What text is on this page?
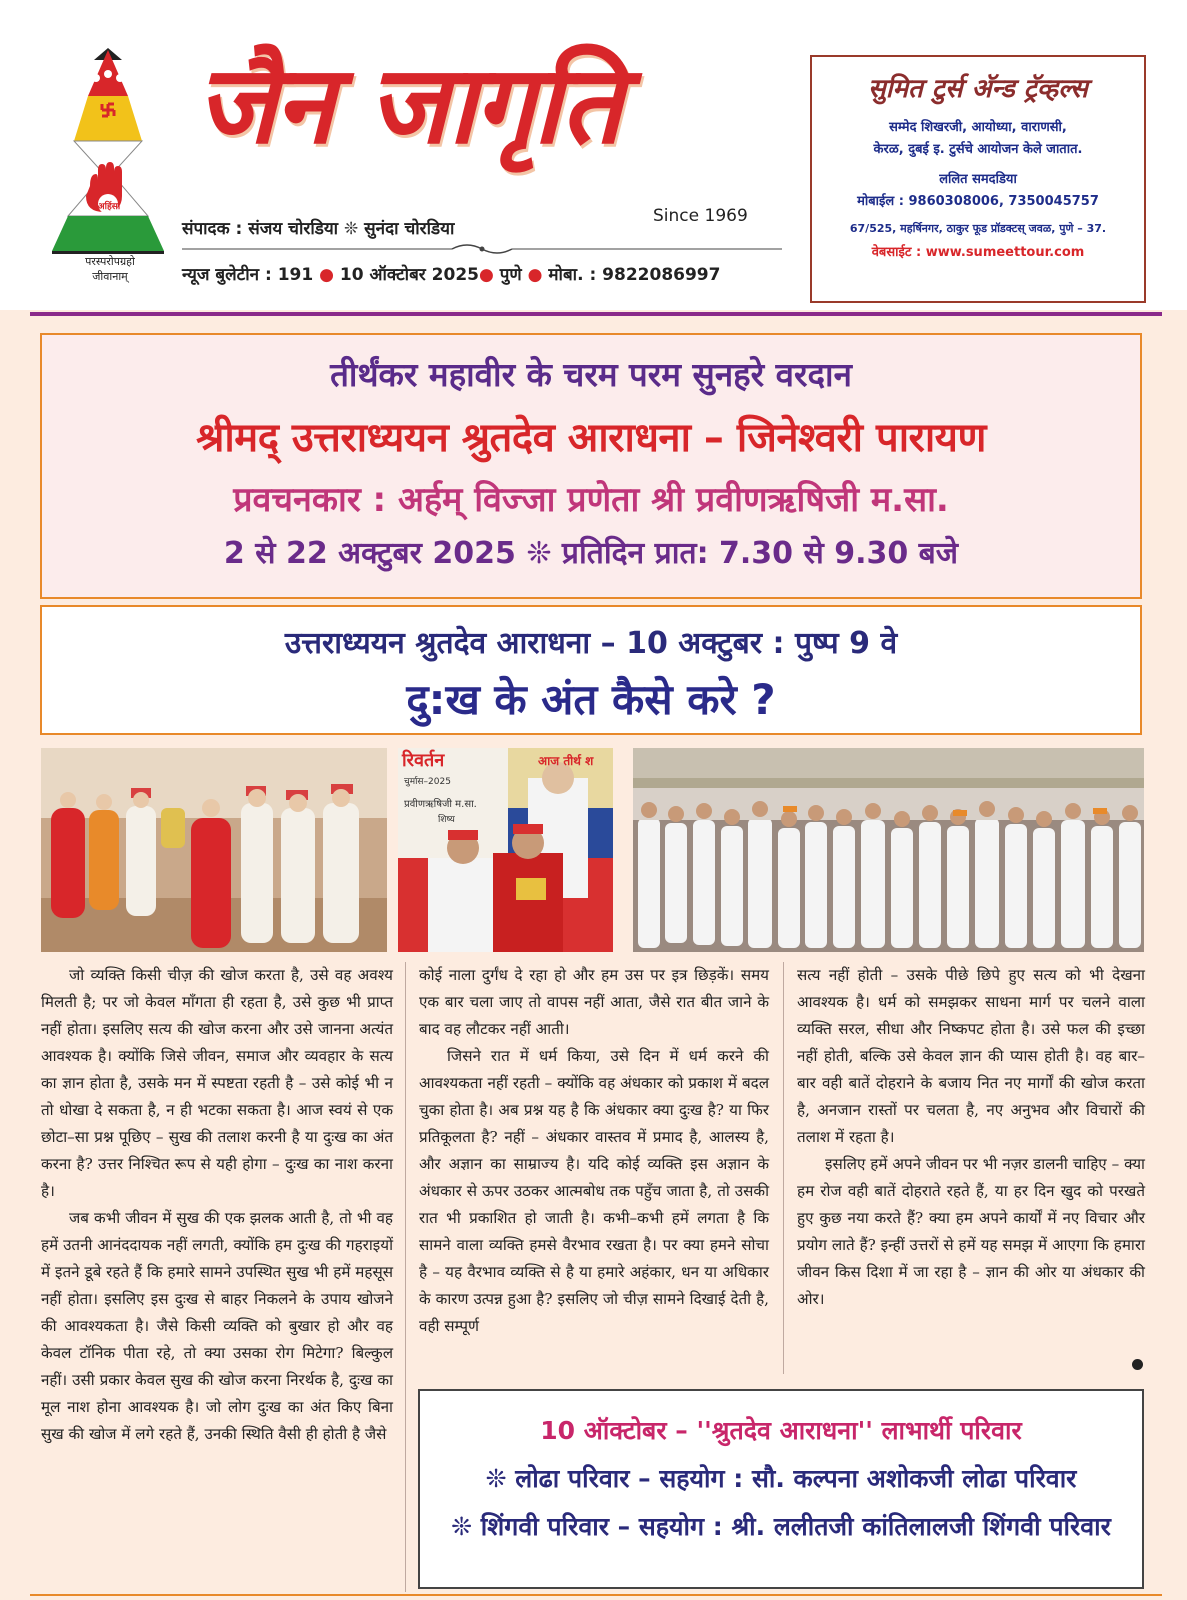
अहिंसा
परस्परोपग्रहो
जीवानाम्
जैन जागृति
Since 1969
संपादक : संजय चोरडिया ❊ सुनंदा चोरडिया
न्यूज बुलेटीन : 191 ● 10 ऑक्टोबर 2025● पुणे ● मोबा. : 9822086997
सुमित टुर्स अ‍ॅन्ड ट्रॅव्हल्स
सम्मेद शिखरजी, आयोध्या, वाराणसी,
केरळ, दुबई इ. टुर्सचे आयोजन केले जातात.
ललित समदडिया
मोबाईल : 9860308006, 7350045757
67/525, महर्षिनगर, ठाकुर फूड प्रॉडक्टस् जवळ, पुणे – 37.
वेबसाईट : www.sumeettour.com
तीर्थंकर महावीर के चरम परम सुनहरे वरदान
श्रीमद् उत्तराध्ययन श्रुतदेव आराधना – जिनेश्वरी पारायण
प्रवचनकार : अर्हम् विज्जा प्रणेता श्री प्रवीणऋषिजी म.सा.
2 से 22 अक्टुबर 2025 ❊ प्रतिदिन प्रात: 7.30 से 9.30 बजे
उत्तराध्ययन श्रुतदेव आराधना – 10 अक्टुबर : पुष्प 9 वे
दु:ख के अंत कैसे करे ?
रिवर्तन
चुर्मास–2025
प्रवीणऋषिजी म.सा.
शिष्य
आज तीर्थ श

जो व्यक्ति किसी चीज़ की खोज करता है, उसे वह अवश्य मिलती है; पर जो केवल माँगता ही रहता है, उसे कुछ भी प्राप्त नहीं होता। इसलिए सत्य की खोज करना और उसे जानना अत्यंत आवश्यक है। क्योंकि जिसे जीवन, समाज और व्यवहार के सत्य का ज्ञान होता है, उसके मन में स्पष्टता रहती है – उसे कोई भी न तो धोखा दे सकता है, न ही भटका सकता है। आज स्वयं से एक छोटा–सा प्रश्न पूछिए – सुख की तलाश करनी है या दुःख का अंत करना है? उत्तर निश्चित रूप से यही होगा – दुःख का नाश करना है।

जब कभी जीवन में सुख की एक झलक आती है, तो भी वह हमें उतनी आनंददायक नहीं लगती, क्योंकि हम दुःख की गहराइयों में इतने डूबे रहते हैं कि हमारे सामने उपस्थित सुख भी हमें महसूस नहीं होता। इसलिए इस दुःख से बाहर निकलने के उपाय खोजने की आवश्यकता है। जैसे किसी व्यक्ति को बुखार हो और वह केवल टॉनिक पीता रहे, तो क्या उसका रोग मिटेगा? बिल्कुल नहीं। उसी प्रकार केवल सुख की खोज करना निरर्थक है, दुःख का मूल नाश होना आवश्यक है। जो लोग दुःख का अंत किए बिना सुख की खोज में लगे रहते हैं, उनकी स्थिति वैसी ही होती है जैसे

कोई नाला दुर्गंध दे रहा हो और हम उस पर इत्र छिड़कें। समय एक बार चला जाए तो वापस नहीं आता, जैसे रात बीत जाने के बाद वह लौटकर नहीं आती।

जिसने रात में धर्म किया, उसे दिन में धर्म करने की आवश्यकता नहीं रहती – क्योंकि वह अंधकार को प्रकाश में बदल चुका होता है। अब प्रश्न यह है कि अंधकार क्या दुःख है? या फिर प्रतिकूलता है? नहीं – अंधकार वास्तव में प्रमाद है, आलस्य है, और अज्ञान का साम्राज्य है। यदि कोई व्यक्ति इस अज्ञान के अंधकार से ऊपर उठकर आत्मबोध तक पहुँच जाता है, तो उसकी रात भी प्रकाशित हो जाती है। कभी–कभी हमें लगता है कि सामने वाला व्यक्ति हमसे वैरभाव रखता है। पर क्या हमने सोचा है – यह वैरभाव व्यक्ति से है या हमारे अहंकार, धन या अधिकार के कारण उत्पन्न हुआ है? इसलिए जो चीज़ सामने दिखाई देती है, वही सम्पूर्ण

सत्य नहीं होती – उसके पीछे छिपे हुए सत्य को भी देखना आवश्यक है। धर्म को समझकर साधना मार्ग पर चलने वाला व्यक्ति सरल, सीधा और निष्कपट होता है। उसे फल की इच्छा नहीं होती, बल्कि उसे केवल ज्ञान की प्यास होती है। वह बार–बार वही बातें दोहराने के बजाय नित नए मार्गों की खोज करता है, अनजान रास्तों पर चलता है, नए अनुभव और विचारों की तलाश में रहता है।

इसलिए हमें अपने जीवन पर भी नज़र डालनी चाहिए – क्या हम रोज वही बातें दोहराते रहते हैं, या हर दिन खुद को परखते हुए कुछ नया करते हैं? क्या हम अपने कार्यों में नए विचार और प्रयोग लाते हैं? इन्हीं उत्तरों से हमें यह समझ में आएगा कि हमारा जीवन किस दिशा में जा रहा है – ज्ञान की ओर या अंधकार की ओर।

10 ऑक्टोबर – ''श्रुतदेव आराधना'' लाभार्थी परिवार
❊ लोढा परिवार – सहयोग : सौ. कल्पना अशोकजी लोढा परिवार
❊ शिंगवी परिवार – सहयोग : श्री. ललीतजी कांतिलालजी शिंगवी परिवार
